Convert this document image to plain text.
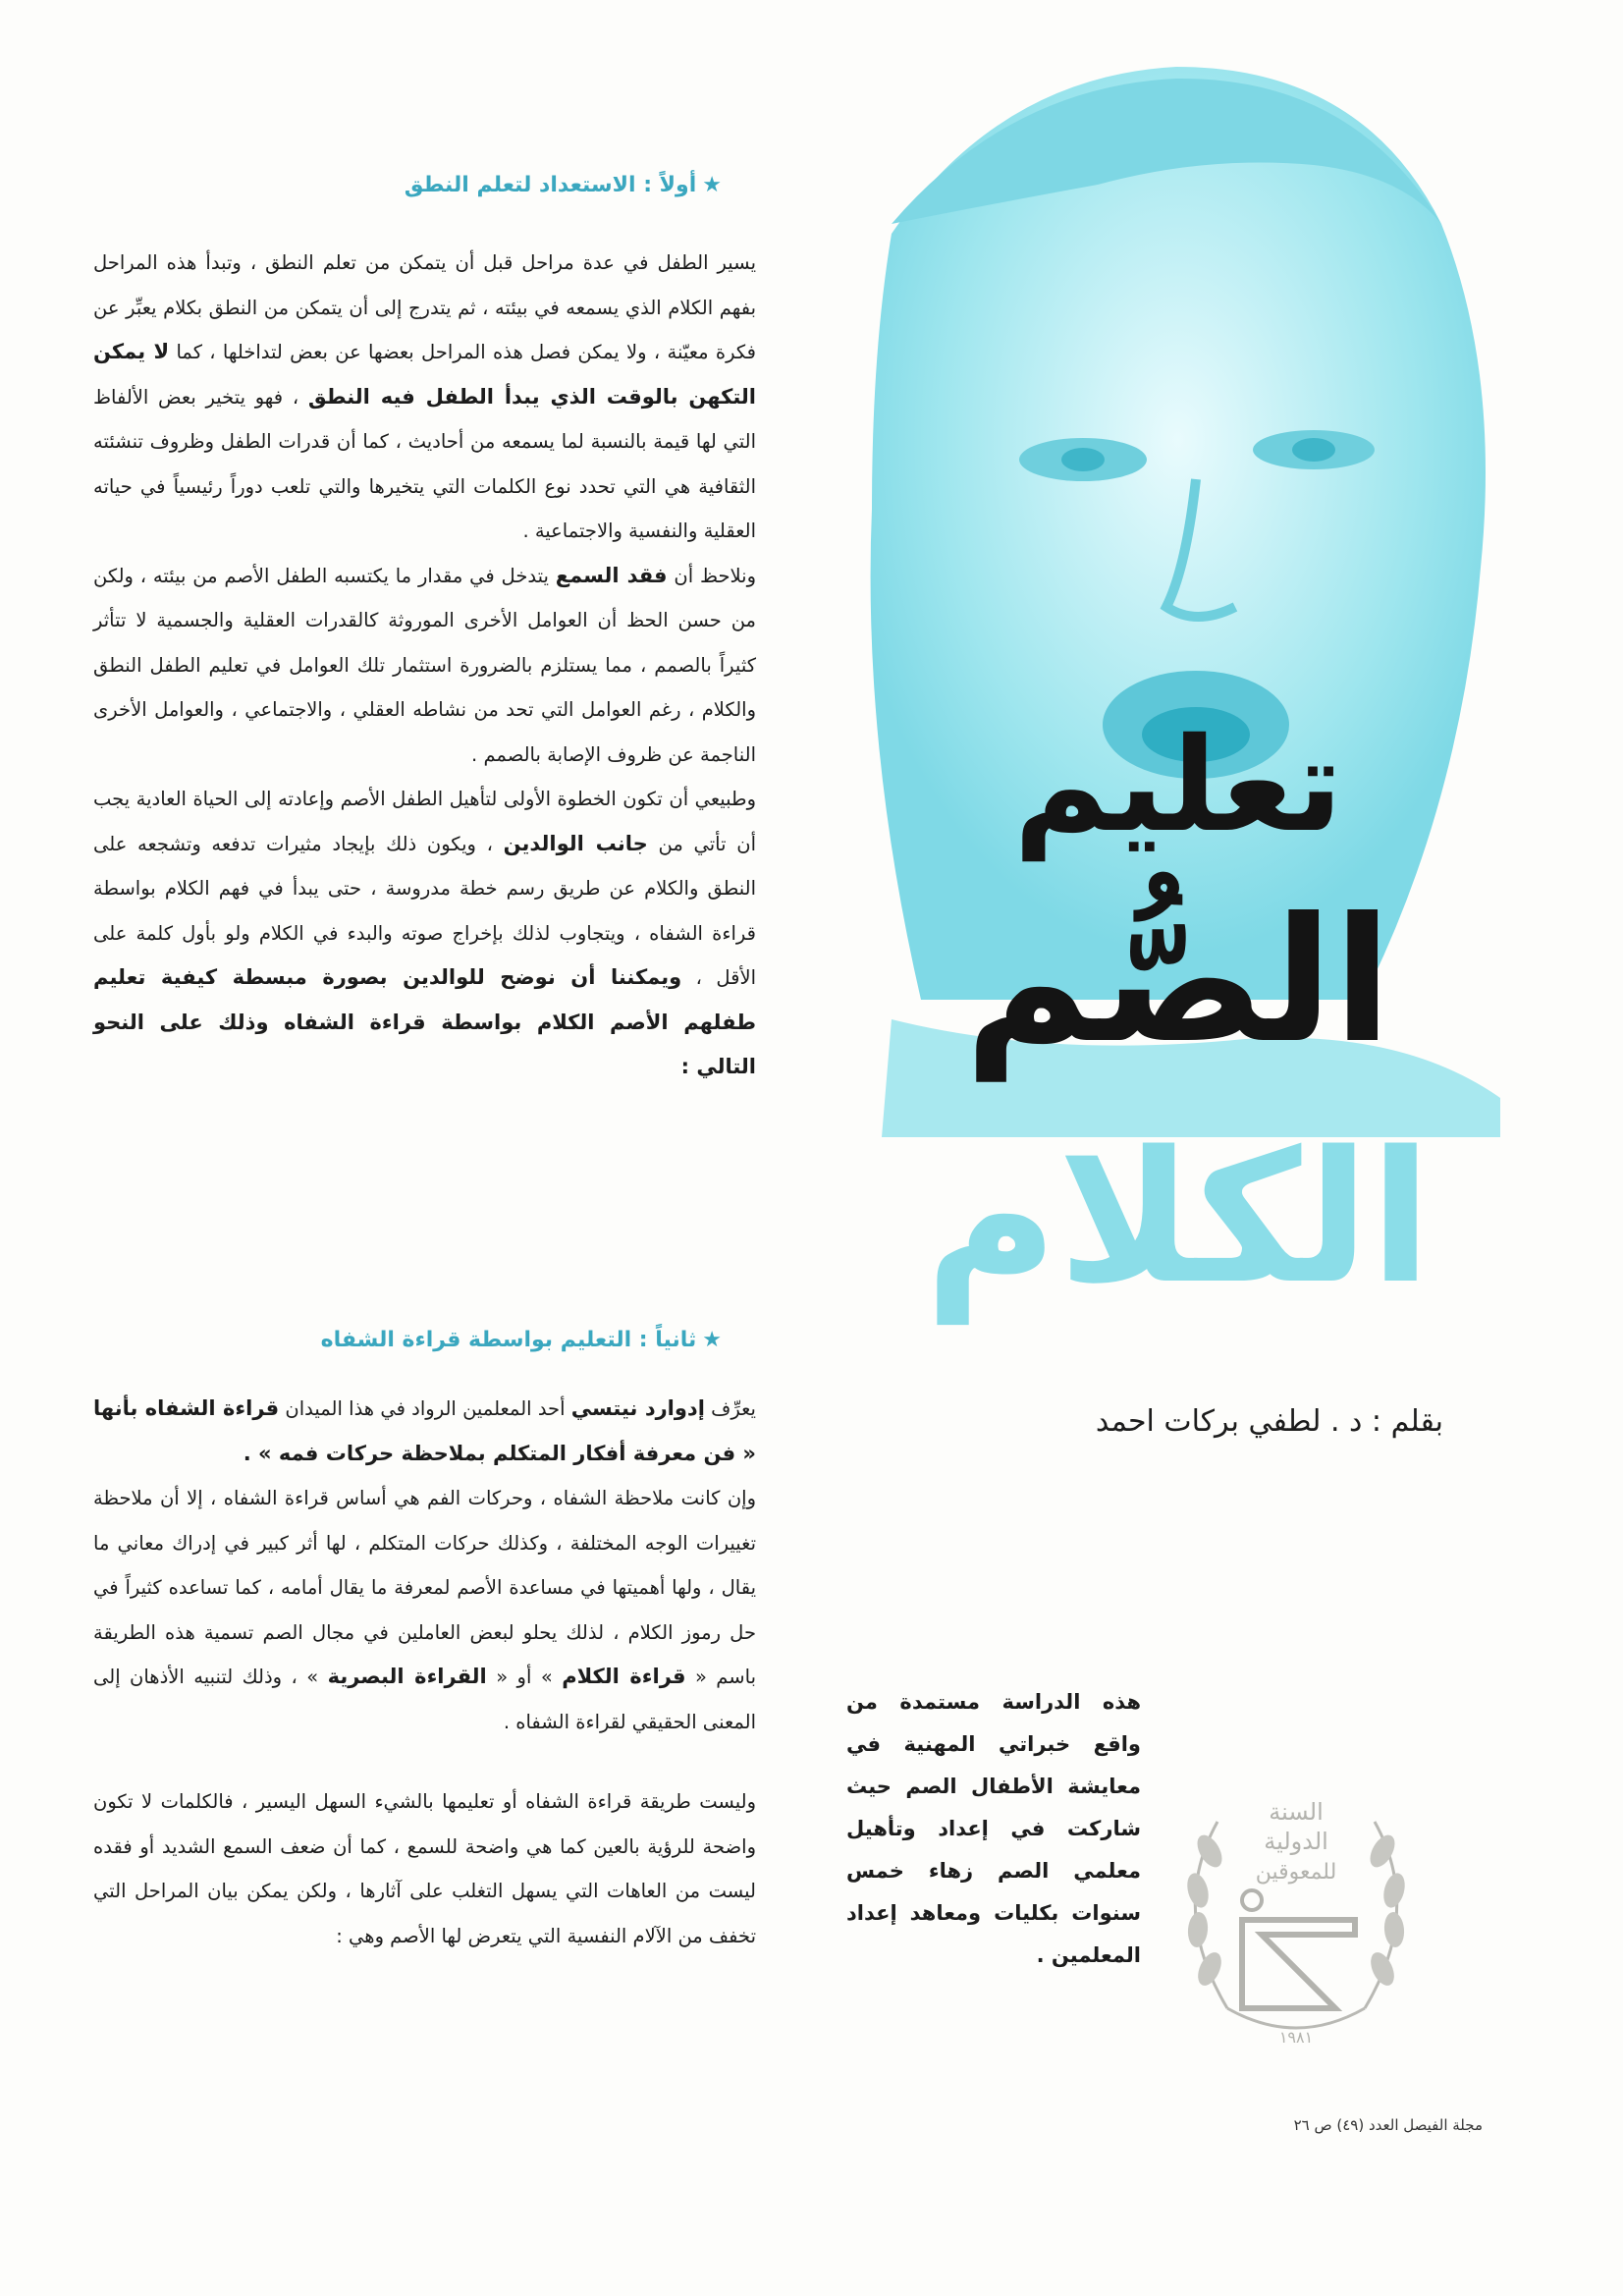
تعليم
الصُّم
الكلام
بقلم : د . لطفي بركات احمد
★أولاً : الاستعداد لتعلم النطق

يسير الطفل في عدة مراحل قبل أن يتمكن من تعلم النطق ، وتبدأ هذه المراحل بفهم الكلام الذي يسمعه في بيئته ، ثم يتدرج إلى أن يتمكن من النطق بكلام يعبِّر عن فكرة معيّنة ، ولا يمكن فصل هذه المراحل بعضها عن بعض لتداخلها ، كما لا يمكن التكهن بالوقت الذي يبدأ الطفل فيه النطق ، فهو يتخير بعض الألفاظ التي لها قيمة بالنسبة لما يسمعه من أحاديث ، كما أن قدرات الطفل وظروف تنشئته الثقافية هي التي تحدد نوع الكلمات التي يتخيرها والتي تلعب دوراً رئيسياً في حياته العقلية والنفسية والاجتماعية .

ونلاحظ أن فقد السمع يتدخل في مقدار ما يكتسبه الطفل الأصم من بيئته ، ولكن من حسن الحظ أن العوامل الأخرى الموروثة كالقدرات العقلية والجسمية لا تتأثر كثيراً بالصمم ، مما يستلزم بالضرورة استثمار تلك العوامل في تعليم الطفل النطق والكلام ، رغم العوامل التي تحد من نشاطه العقلي ، والاجتماعي ، والعوامل الأخرى الناجمة عن ظروف الإصابة بالصمم .

وطبيعي أن تكون الخطوة الأولى لتأهيل الطفل الأصم وإعادته إلى الحياة العادية يجب أن تأتي من جانب الوالدين ، ويكون ذلك بإيجاد مثيرات تدفعه وتشجعه على النطق والكلام عن طريق رسم خطة مدروسة ، حتى يبدأ في فهم الكلام بواسطة قراءة الشفاه ، ويتجاوب لذلك بإخراج صوته والبدء في الكلام ولو بأول كلمة على الأقل ، ويمكننا أن نوضح للوالدين بصورة مبسطة كيفية تعليم طفلهم الأصم الكلام بواسطة قراءة الشفاه وذلك على النحو التالي :

★ثانياً : التعليم بواسطة قراءة الشفاه

يعرِّف إدوارد نيتسي أحد المعلمين الرواد في هذا الميدان قراءة الشفاه بأنها « فن معرفة أفكار المتكلم بملاحظة حركات فمه » .

وإن كانت ملاحظة الشفاه ، وحركات الفم هي أساس قراءة الشفاه ، إلا أن ملاحظة تغييرات الوجه المختلفة ، وكذلك حركات المتكلم ، لها أثر كبير في إدراك معاني ما يقال ، ولها أهميتها في مساعدة الأصم لمعرفة ما يقال أمامه ، كما تساعده كثيراً في حل رموز الكلام ، لذلك يحلو لبعض العاملين في مجال الصم تسمية هذه الطريقة باسم « قراءة الكلام » أو « القراءة البصرية » ، وذلك لتنبيه الأذهان إلى المعنى الحقيقي لقراءة الشفاه .

وليست طريقة قراءة الشفاه أو تعليمها بالشيء السهل اليسير ، فالكلمات لا تكون واضحة للرؤية بالعين كما هي واضحة للسمع ، كما أن ضعف السمع الشديد أو فقده ليست من العاهات التي يسهل التغلب على آثارها ، ولكن يمكن بيان المراحل التي تخفف من الآلام النفسية التي يتعرض لها الأصم وهي :

هذه الدراسة مستمدة من واقع خبراتي المهنية في معايشة الأطفال الصم حيث شاركت في إعداد وتأهيل معلمي الصم زهاء خمس سنوات بكليات ومعاهد إعداد المعلمين .
السنة
الدولية
للمعوقين
١٩٨١
مجلة الفيصل العدد (٤٩) ص ٢٦
